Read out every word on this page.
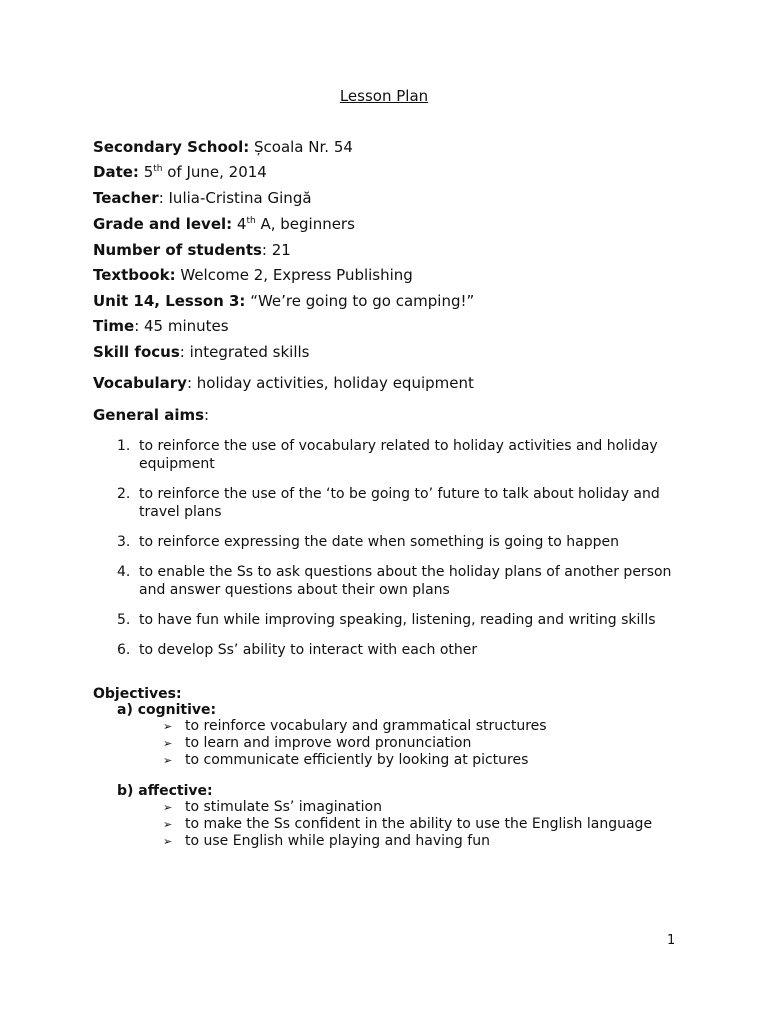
Lesson Plan
Secondary School: Școala Nr. 54
Date: 5th of June, 2014
Teacher: Iulia-Cristina Gingă
Grade and level: 4th A, beginners
Number of students: 21
Textbook: Welcome 2, Express Publishing
Unit 14, Lesson 3: “We’re going to go camping!”
Time: 45 minutes
Skill focus: integrated skills
Vocabulary: holiday activities, holiday equipment
General aims:
1. to reinforce the use of vocabulary related to holiday activities and holiday equipment
2. to reinforce the use of the ‘to be going to’ future to talk about holiday and travel plans
3. to reinforce expressing the date when something is going to happen
4. to enable the Ss to ask questions about the holiday plans of another person and answer questions about their own plans
5. to have fun while improving speaking, listening, reading and writing skills
6. to develop Ss’ ability to interact with each other
Objectives:
a) cognitive:
➢ to reinforce vocabulary and grammatical structures
➢ to learn and improve word pronunciation
➢ to communicate efficiently by looking at pictures
b) affective:
➢ to stimulate Ss’ imagination
➢ to make the Ss confident in the ability to use the English language
➢ to use English while playing and having fun
1
